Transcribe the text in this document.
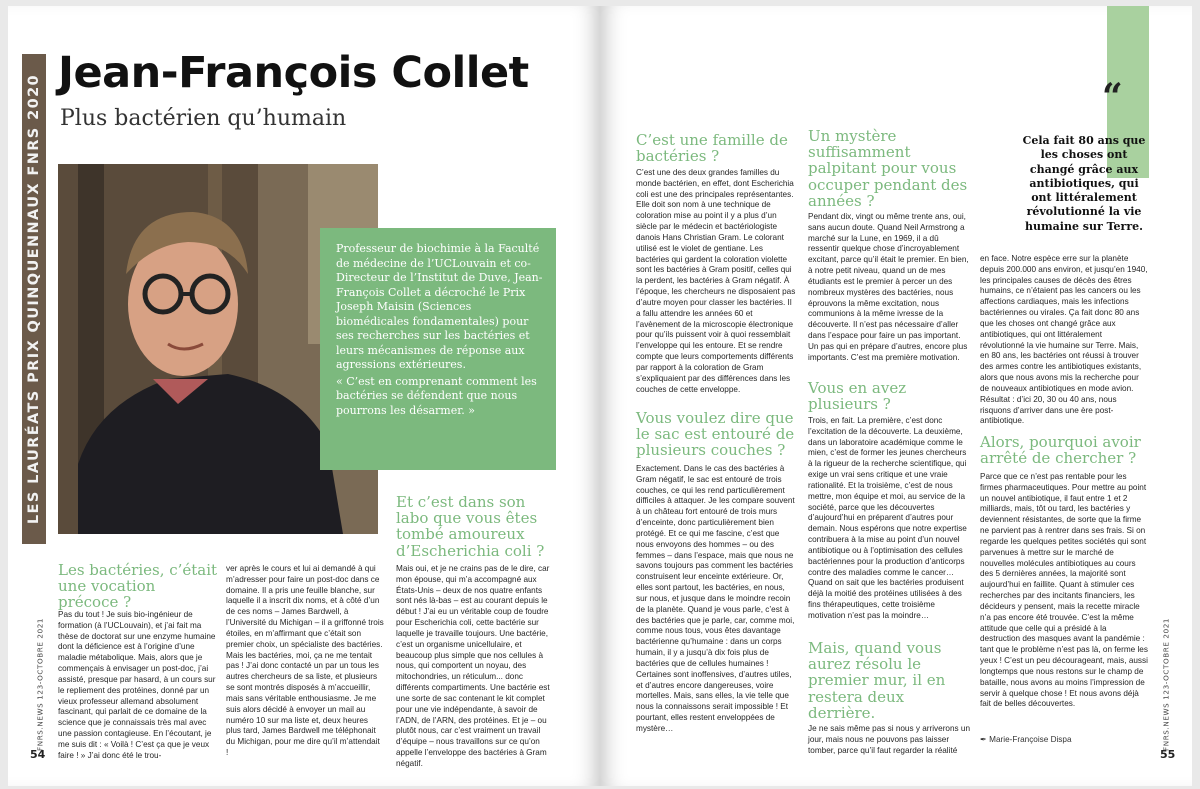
LES LAURÉATS PRIX QUINQUENNAUX FNRS 2020
Jean-François Collet
Plus bactérien qu’humain
Professeur de biochimie à la Faculté de médecine de l’UCLouvain et co-Directeur de l’Institut de Duve, Jean-François Collet a décroché le Prix Joseph Maisin (Sciences biomédicales fondamentales) pour ses recherches sur les bactéries et leurs mécanismes de réponse aux agressions extérieures.
« C’est en comprenant comment les bactéries se défendent que nous pourrons les désarmer. »
Les bactéries, c’était une vocation précoce ?
Pas du tout ! Je suis bio-ingénieur de formation (à l’UCLouvain), et j’ai fait ma thèse de doctorat sur une enzyme humaine dont la déficience est à l’origine d’une maladie métabolique. Mais, alors que je commençais à envisager un post-doc, j’ai assisté, presque par hasard, à un cours sur le repliement des protéines, donné par un vieux professeur allemand absolument fascinant, qui parlait de ce domaine de la science que je connaissais très mal avec une passion contagieuse. En l’écoutant, je me suis dit : « Voilà ! C’est ça que je veux faire ! » J’ai donc été le trou-
ver après le cours et lui ai demandé à qui m’adresser pour faire un post-doc dans ce domaine. Il a pris une feuille blanche, sur laquelle il a inscrit dix noms, et à côté d’un de ces noms – James Bardwell, à l’Université du Michigan – il a griffonné trois étoiles, en m’affirmant que c’était son premier choix, un spécialiste des bactéries. Mais les bactéries, moi, ça ne me tentait pas ! J’ai donc contacté un par un tous les autres chercheurs de sa liste, et plusieurs se sont montrés disposés à m’accueillir, mais sans véritable enthousiasme. Je me suis alors décidé à envoyer un mail au numéro 10 sur ma liste et, deux heures plus tard, James Bardwell me téléphonait du Michigan, pour me dire qu’il m’attendait !
Et c’est dans son labo que vous êtes tombé amoureux d’Escherichia coli ?
Mais oui, et je ne crains pas de le dire, car mon épouse, qui m’a accompagné aux États-Unis – deux de nos quatre enfants sont nés là-bas – est au courant depuis le début ! J’ai eu un véritable coup de foudre pour Escherichia coli, cette bactérie sur laquelle je travaille toujours. Une bactérie, c’est un organisme unicellulaire, et beaucoup plus simple que nos cellules à nous, qui comportent un noyau, des mitochondries, un réticulum... donc différents compartiments. Une bactérie est une sorte de sac contenant le kit complet pour une vie indépendante, à savoir de l’ADN, de l’ARN, des protéines. Et je – ou plutôt nous, car c’est vraiment un travail d’équipe – nous travaillons sur ce qu’on appelle l’enveloppe des bactéries à Gram négatif.
54
FNRS.NEWS 123-OCTOBRE 2021
“
Cela fait 80 ans que les choses ont changé grâce aux antibiotiques, qui ont littéralement révolutionné la vie humaine sur Terre.
C’est une famille de bactéries ?
C’est une des deux grandes familles du monde bactérien, en effet, dont Escherichia coli est une des principales représentantes. Elle doit son nom à une technique de coloration mise au point il y a plus d’un siècle par le médecin et bactériologiste danois Hans Christian Gram. Le colorant utilisé est le violet de gentiane. Les bactéries qui gardent la coloration violette sont les bactéries à Gram positif, celles qui la perdent, les bactéries à Gram négatif. À l’époque, les chercheurs ne disposaient pas d’autre moyen pour classer les bactéries. Il a fallu attendre les années 60 et l’avènement de la microscopie électronique pour qu’ils puissent voir à quoi ressemblait l’enveloppe qui les entoure. Et se rendre compte que leurs comportements différents par rapport à la coloration de Gram s’expliquaient par des différences dans les couches de cette enveloppe.
Vous voulez dire que le sac est entouré de plusieurs couches ?
Exactement. Dans le cas des bactéries à Gram négatif, le sac est entouré de trois couches, ce qui les rend particulièrement difficiles à attaquer. Je les compare souvent à un château fort entouré de trois murs d’enceinte, donc particulièrement bien protégé. Et ce qui me fascine, c’est que nous envoyons des hommes – ou des femmes – dans l’espace, mais que nous ne savons toujours pas comment les bactéries construisent leur enceinte extérieure. Or, elles sont partout, les bactéries, en nous, sur nous, et jusque dans le moindre recoin de la planète. Quand je vous parle, c’est à des bactéries que je parle, car, comme moi, comme nous tous, vous êtes davantage bactérienne qu’humaine : dans un corps humain, il y a jusqu’à dix fois plus de bactéries que de cellules humaines ! Certaines sont inoffensives, d’autres utiles, et d’autres encore dangereuses, voire mortelles. Mais, sans elles, la vie telle que nous la connaissons serait impossible ! Et pourtant, elles restent enveloppées de mystère…
Un mystère suffisamment palpitant pour vous occuper pendant des années ?
Pendant dix, vingt ou même trente ans, oui, sans aucun doute. Quand Neil Armstrong a marché sur la Lune, en 1969, il a dû ressentir quelque chose d’incroyablement excitant, parce qu’il était le premier. En bien, à notre petit niveau, quand un de mes étudiants est le premier à percer un des nombreux mystères des bactéries, nous éprouvons la même excitation, nous communions à la même ivresse de la découverte. Il n’est pas nécessaire d’aller dans l’espace pour faire un pas important. Un pas qui en prépare d’autres, encore plus importants. C’est ma première motivation.
Vous en avez plusieurs ?
Trois, en fait. La première, c’est donc l’excitation de la découverte. La deuxième, dans un laboratoire académique comme le mien, c’est de former les jeunes chercheurs à la rigueur de la recherche scientifique, qui exige un vrai sens critique et une vraie rationalité. Et la troisième, c’est de nous mettre, mon équipe et moi, au service de la société, parce que les découvertes d’aujourd’hui en préparent d’autres pour demain. Nous espérons que notre expertise contribuera à la mise au point d’un nouvel antibiotique ou à l’optimisation des cellules bactériennes pour la production d’anticorps contre des maladies comme le cancer… Quand on sait que les bactéries produisent déjà la moitié des protéines utilisées à des fins thérapeutiques, cette troisième motivation n’est pas la moindre…
Mais, quand vous aurez résolu le premier mur, il en restera deux derrière.
Je ne sais même pas si nous y arriverons un jour, mais nous ne pouvons pas laisser tomber, parce qu’il faut regarder la réalité
en face. Notre espèce erre sur la planète depuis 200.000 ans environ, et jusqu’en 1940, les principales causes de décès des êtres humains, ce n’étaient pas les cancers ou les affections cardiaques, mais les infections bactériennes ou virales. Ça fait donc 80 ans que les choses ont changé grâce aux antibiotiques, qui ont littéralement révolutionné la vie humaine sur Terre. Mais, en 80 ans, les bactéries ont réussi à trouver des armes contre les antibiotiques existants, alors que nous avons mis la recherche pour de nouveaux antibiotiques en mode avion. Résultat : d’ici 20, 30 ou 40 ans, nous risquons d’arriver dans une ère post-antibiotique.
Alors, pourquoi avoir arrêté de chercher ?
Parce que ce n’est pas rentable pour les firmes pharmaceutiques. Pour mettre au point un nouvel antibiotique, il faut entre 1 et 2 milliards, mais, tôt ou tard, les bactéries y deviennent résistantes, de sorte que la firme ne parvient pas à rentrer dans ses frais. Si on regarde les quelques petites sociétés qui sont parvenues à mettre sur le marché de nouvelles molécules antibiotiques au cours des 5 dernières années, la majorité sont aujourd’hui en faillite. Quant à stimuler ces recherches par des incitants financiers, les décideurs y pensent, mais la recette miracle n’a pas encore été trouvée. C’est la même attitude que celle qui a présidé à la destruction des masques avant la pandémie : tant que le problème n’est pas là, on ferme les yeux ! C’est un peu décourageant, mais, aussi longtemps que nous restons sur le champ de bataille, nous avons au moins l’impression de servir à quelque chose ! Et nous avons déjà fait de belles découvertes.
✒ Marie-Françoise Dispa
55
FNRS.NEWS 123-OCTOBRE 2021
